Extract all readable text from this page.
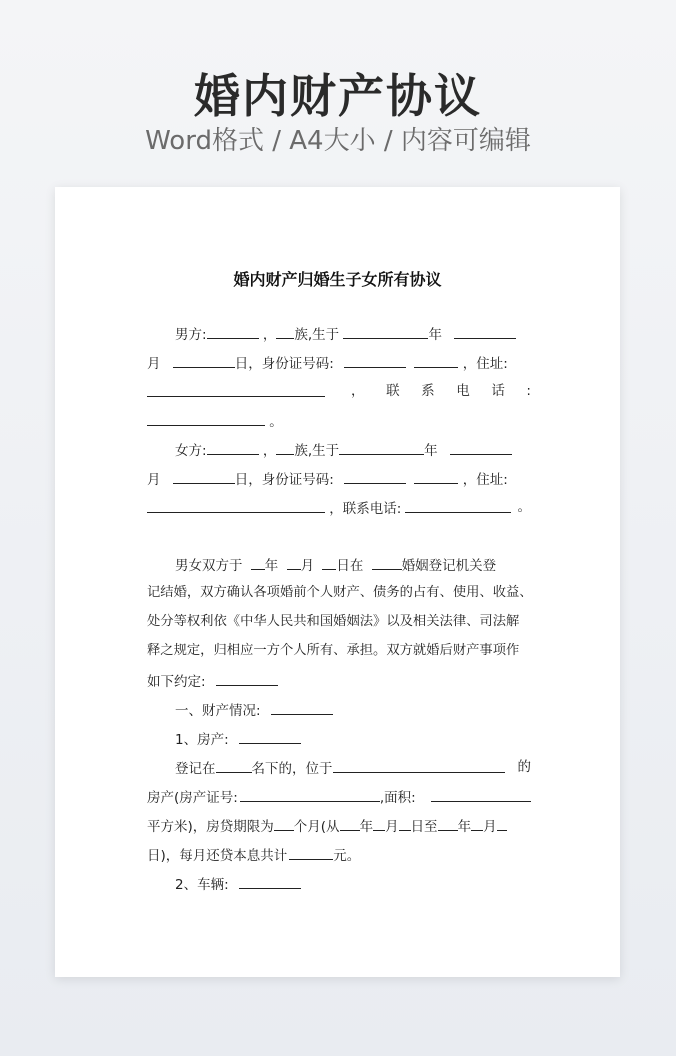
婚内财产协议
Word格式 / A4大小 / 内容可编辑
婚内财产归婚生子女所有协议
男方:	， 族,生于	年
月	日，身份证号码:	，住址:
， 联 系 电 话 :
。
女方:	， 族,生于	年
月	日，身份证号码:	，住址:
，联系电话:	。
男女双方于 年 月 日在	婚姻登记机关登
记结婚，双方确认各项婚前个人财产、债务的占有、使用、收益、
处分等权利依《中华人民共和国婚姻法》以及相关法律、司法解
释之规定，归相应一方个人所有、承担。双方就婚后财产事项作
如下约定:
一、财产情况:
1、房产:
登记在	名下的，位于	的
房产(房产证号:	,面积:
平方米)，房贷期限为 个月(从 年 月 日至 年 月
日)，每月还贷本息共计	元。
2、车辆:
